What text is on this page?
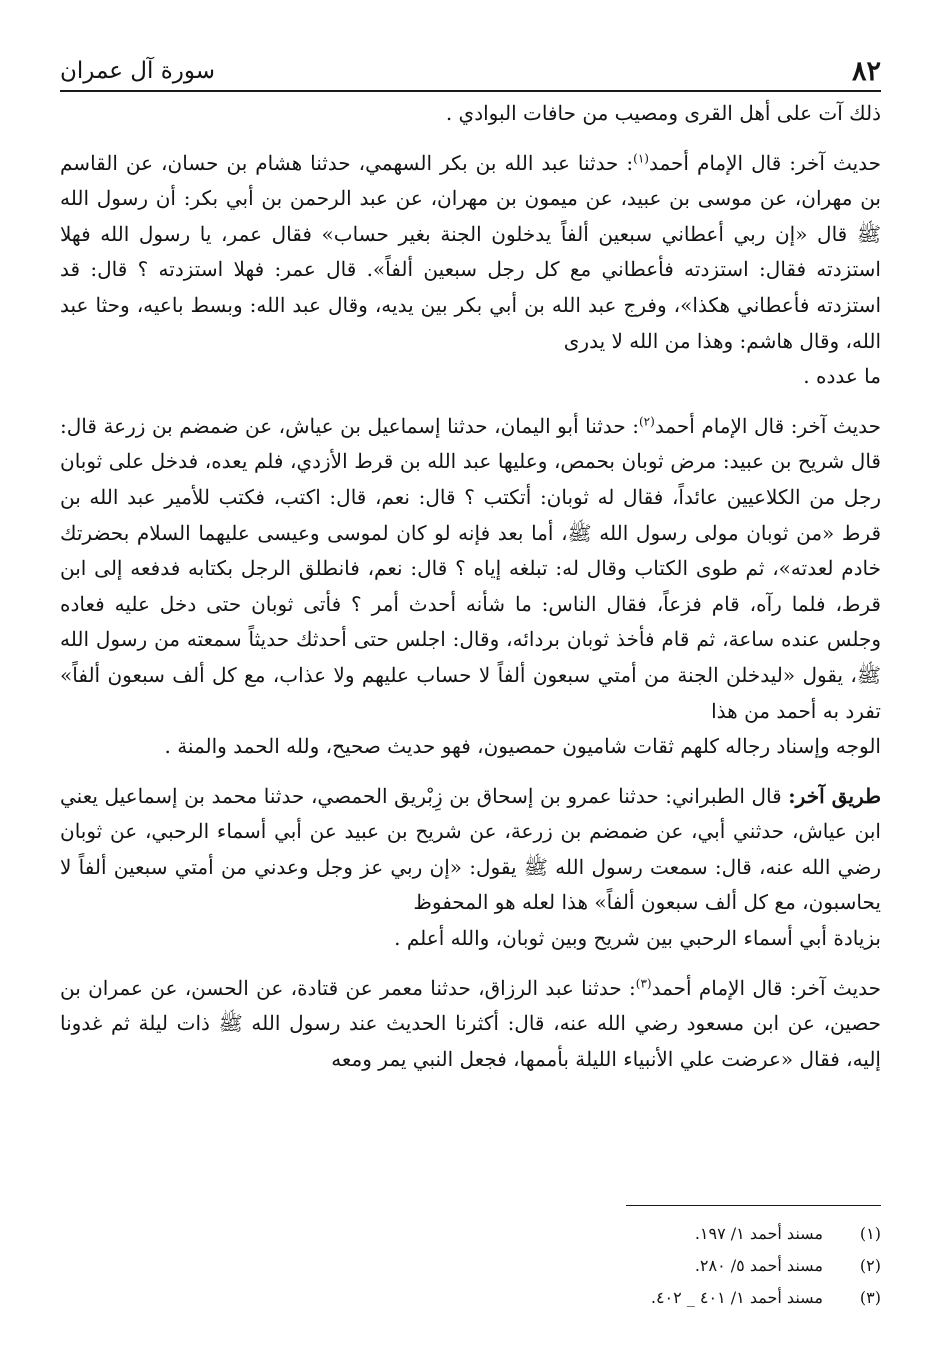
٨٢
سورة آل عمران

ذلك آت على أهل القرى ومصيب من حافات البوادي .

حديث آخر: قال الإمام أحمد$^{(١)}$: حدثنا عبد الله بن بكر السهمي، حدثنا هشام بن حسان، عن القاسم بن مهران، عن موسى بن عبيد، عن ميمون بن مهران، عن عبد الرحمن بن أبي بكر: أن رسول الله ﷺ قال «إن ربي أعطاني سبعين ألفاً يدخلون الجنة بغير حساب» فقال عمر، يا رسول الله فهلا استزدته فقال: استزدته فأعطاني مع كل رجل سبعين ألفاً». قال عمر: فهلا استزدته ؟ قال: قد استزدته فأعطاني هكذا»، وفرج عبد الله بن أبي بكر بين يديه، وقال عبد الله: وبسط باعيه، وحثا عبد الله، وقال هاشم: وهذا من الله لا يدرى
ما عدده .

حديث آخر: قال الإمام أحمد$^{(٢)}$: حدثنا أبو اليمان، حدثنا إسماعيل بن عياش، عن ضمضم بن زرعة قال: قال شريح بن عبيد: مرض ثوبان بحمص، وعليها عبد الله بن قرط الأزدي، فلم يعده، فدخل على ثوبان رجل من الكلاعيين عائداً، فقال له ثوبان: أتكتب ؟ قال: نعم، قال: اكتب، فكتب للأمير عبد الله بن قرط «من ثوبان مولى رسول الله ﷺ، أما بعد فإنه لو كان لموسى وعيسى عليهما السلام بحضرتك خادم لعدته»، ثم طوى الكتاب وقال له: تبلغه إياه ؟ قال: نعم، فانطلق الرجل بكتابه فدفعه إلى ابن قرط، فلما رآه، قام فزعاً، فقال الناس: ما شأنه أحدث أمر ؟ فأتى ثوبان حتى دخل عليه فعاده وجلس عنده ساعة، ثم قام فأخذ ثوبان بردائه، وقال: اجلس حتى أحدثك حديثاً سمعته من رسول الله ﷺ، يقول «ليدخلن الجنة من أمتي سبعون ألفاً لا حساب عليهم ولا عذاب، مع كل ألف سبعون ألفاً» تفرد به أحمد من هذا
الوجه وإسناد رجاله كلهم ثقات شاميون حمصيون، فهو حديث صحيح، ولله الحمد والمنة .

طريق آخر: قال الطبراني: حدثنا عمرو بن إسحاق بن زِبْريق الحمصي، حدثنا محمد بن إسماعيل يعني ابن عياش، حدثني أبي، عن ضمضم بن زرعة، عن شريح بن عبيد عن أبي أسماء الرحبي، عن ثوبان رضي الله عنه، قال: سمعت رسول الله ﷺ يقول: «إن ربي عز وجل وعدني من أمتي سبعين ألفاً لا يحاسبون، مع كل ألف سبعون ألفاً» هذا لعله هو المحفوظ
بزيادة أبي أسماء الرحبي بين شريح وبين ثوبان، والله أعلم .

حديث آخر: قال الإمام أحمد$^{(٣)}$: حدثنا عبد الرزاق، حدثنا معمر عن قتادة، عن الحسن، عن عمران بن حصين، عن ابن مسعود رضي الله عنه، قال: أكثرنا الحديث عند رسول الله ﷺ ذات ليلة ثم غدونا إليه، فقال «عرضت علي الأنبياء الليلة بأممها، فجعل النبي يمر ومعه

(١)
مسند أحمد ١/ ١٩٧.
(٢)
مسند أحمد ٥/ ٢٨٠.
(٣)
مسند أحمد ١/ ٤٠١ _ ٤٠٢.
